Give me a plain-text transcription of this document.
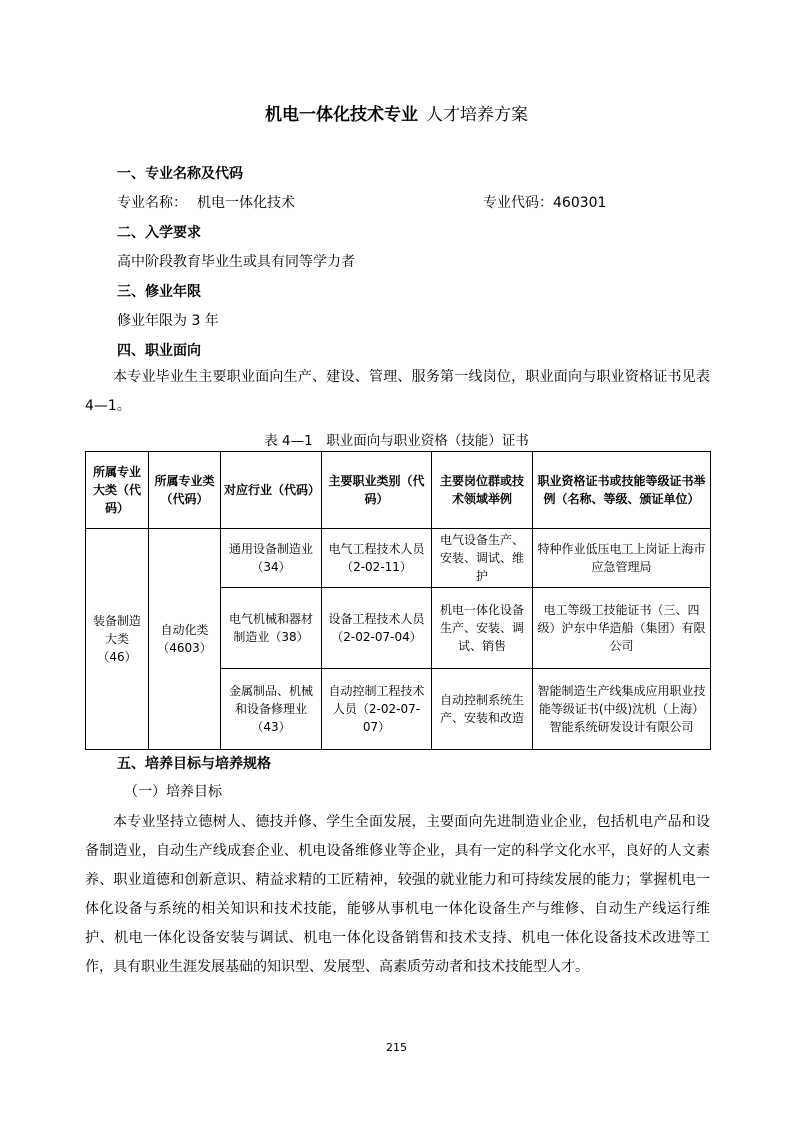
机电一体化技术专业 人才培养方案
一、专业名称及代码
专业名称： 机电一体化技术	专业代码：460301
二、入学要求
高中阶段教育毕业生或具有同等学力者
三、修业年限
修业年限为 3 年
四、职业面向
本专业毕业生主要职业面向生产、建设、管理、服务第一线岗位，职业面向与职业资格证书见表 4—1。
表 4—1　职业面向与职业资格（技能）证书
所属专业大类（代码）	所属专业类（代码）	对应行业（代码）	主要职业类别（代码）	主要岗位群或技术领域举例	职业资格证书或技能等级证书举例（名称、等级、颁证单位）
装备制造大类（46）	自动化类（4603）	通用设备制造业（34）	电气工程技术人员（2-02-11）	电气设备生产、安装、调试、维护	特种作业低压电工上岗证上海市应急管理局
		电气机械和器材制造业（38）	设备工程技术人员（2-02-07-04）	机电一体化设备生产、安装、调试、销售	电工等级工技能证书（三、四级）沪东中华造船（集团）有限公司
		金属制品、机械和设备修理业（43）	自动控制工程技术人员（2-02-07-07）	自动控制系统生产、安装和改造	智能制造生产线集成应用职业技能等级证书(中级)沈机（上海）智能系统研发设计有限公司
五、培养目标与培养规格
（一）培养目标
本专业坚持立德树人、德技并修、学生全面发展，主要面向先进制造业企业，包括机电产品和设备制造业，自动生产线成套企业、机电设备维修业等企业，具有一定的科学文化水平，良好的人文素养、职业道德和创新意识、精益求精的工匠精神，较强的就业能力和可持续发展的能力；掌握机电一体化设备与系统的相关知识和技术技能，能够从事机电一体化设备生产与维修、自动生产线运行维护、机电一体化设备安装与调试、机电一体化设备销售和技术支持、机电一体化设备技术改进等工作，具有职业生涯发展基础的知识型、发展型、高素质劳动者和技术技能型人才。
215
